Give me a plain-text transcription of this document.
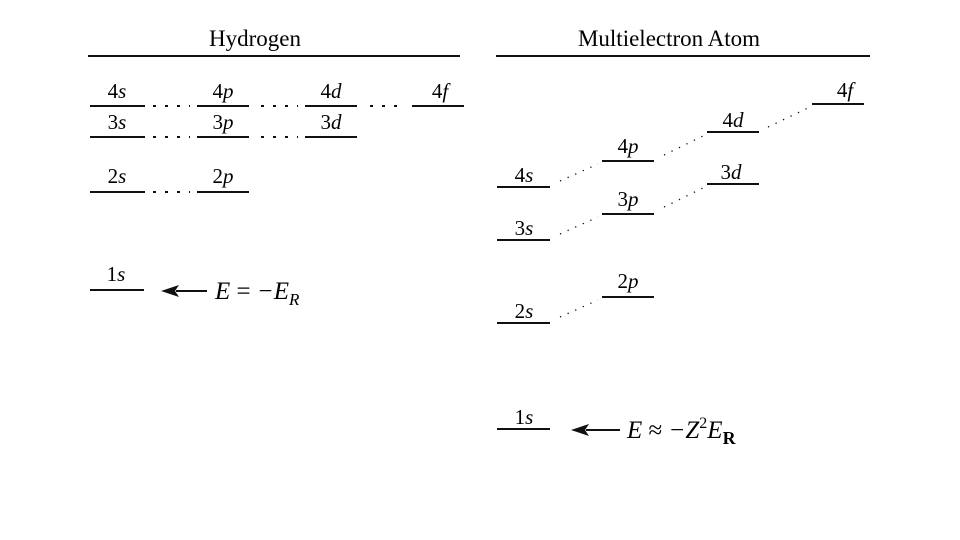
Hydrogen
4s	4p	4d	4f
3s	3p	3d
2s	2p
1s
$E = -E_R$
Multielectron Atom
4s
4p
4d
4f
3s
3p
3d
2s
2p
1s	$E \approx -Z^2E_R$
